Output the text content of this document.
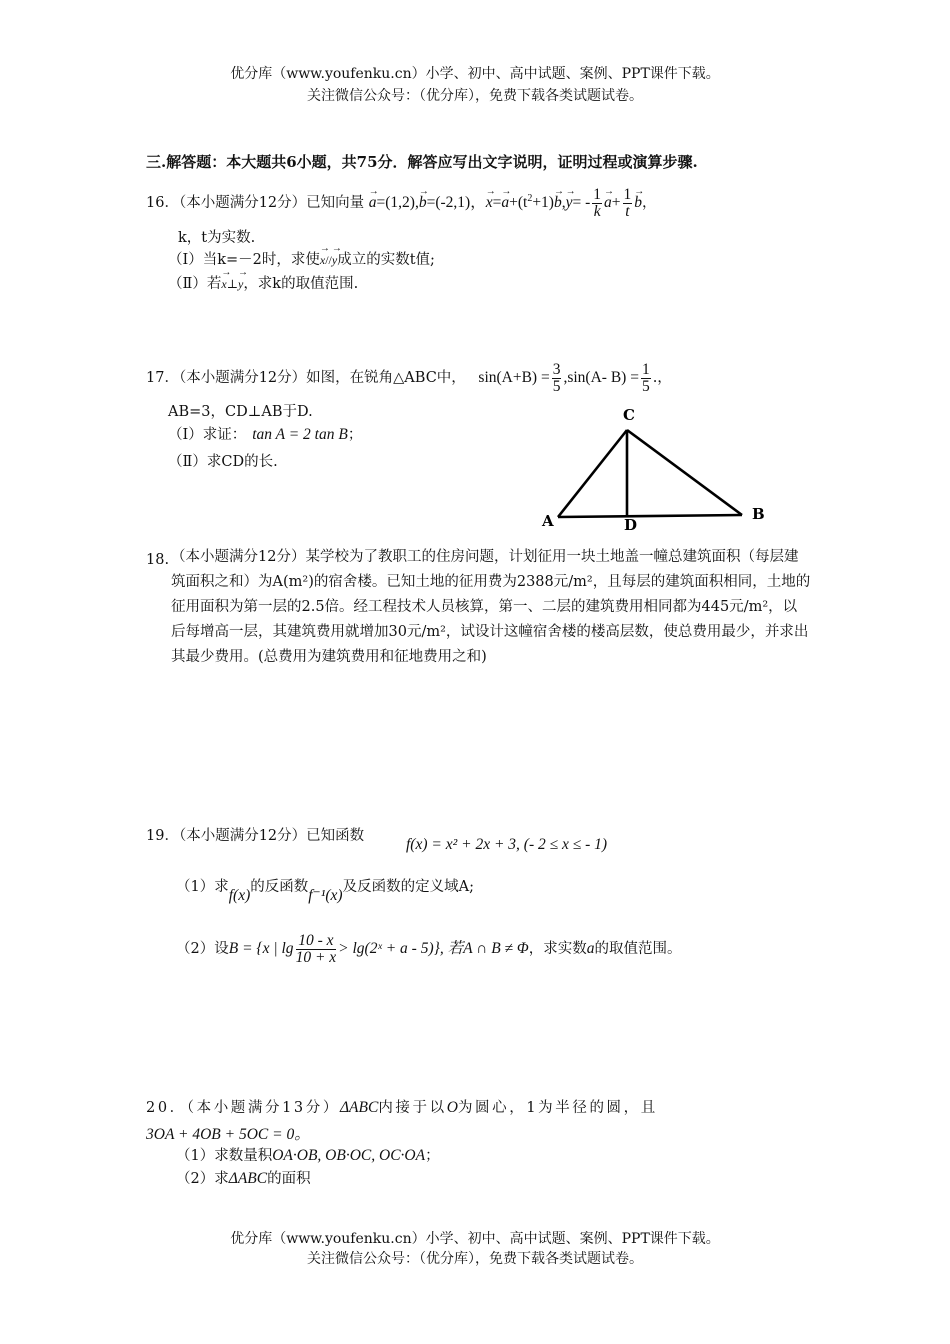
优分库（www.youfenku.cn）小学、初中、高中试题、案例、PPT课件下载。
关注微信公众号：（优分库），免费下载各类试题试卷。
三.解答题：本大题共6小题，共75分．解答应写出文字说明，证明过程或演算步骤.
16．（本小题满分12分）已知向量 → a=(1,2),→ b=(-2,1)，→ $x=\to a+(t^2+1)\to b,\to y= - \frac{1}{k}$
→ $a+ \frac{1}{t}$
→ b，
k，t为实数.
（Ⅰ）当k=－2时，求使→ x//→ y成立的实数t值;
（Ⅱ）若→ x⊥→ y，求k的取值范围.
17．（本小题满分12分）如图，在锐角△ABC中， $\sin(A+B) = \frac{3}{5} ,\sin(A-$ $B) = \frac{1}{5}$ .，
AB=3，CD⊥AB于D.
（Ⅰ）求证： tan A = 2 tan B；
（Ⅱ）求CD的长.
C
A	D
B
18. （本小题满分12分）某学校为了教职工的住房问题，计划征用一块土地盖一幢总建筑面积（每层建筑面积之和）为A(m²)的宿舍楼。已知土地的征用费为2388元/m²，且每层的建筑面积相同，土地的征用面积为第一层的2.5倍。经工程技术人员核算，第一、二层的建筑费用相同都为445元/m²，以后每增高一层，其建筑费用就增加30元/m²，试设计这幢宿舍楼的楼高层数，使总费用最少，并求出其最少费用。(总费用为建筑费用和征地费用之和)
19．（本小题满分12分）已知函数	f(x) = x² + 2x + 3, (- 2 ≤ x ≤ - 1)
（1）求f(x)的反函数f⁻¹(x)及反函数的定义域A;
（2）设B = {x | $\lg \frac{10 - x}{10 + x}$ > lg(2ˣ + a - 5)}, 若A ∩ B ≠ Φ，求实数a的取值范围。
20．（本小题满分13分）ΔABC内接于以O为圆心，1为半径的圆，且
3OA + 4OB + 5OC = 0。
（1）求数量积OA·OB, OB·OC, OC·OA；
（2）求ΔABC的面积
优分库（www.youfenku.cn）小学、初中、高中试题、案例、PPT课件下载。
关注微信公众号：（优分库），免费下载各类试题试卷。
